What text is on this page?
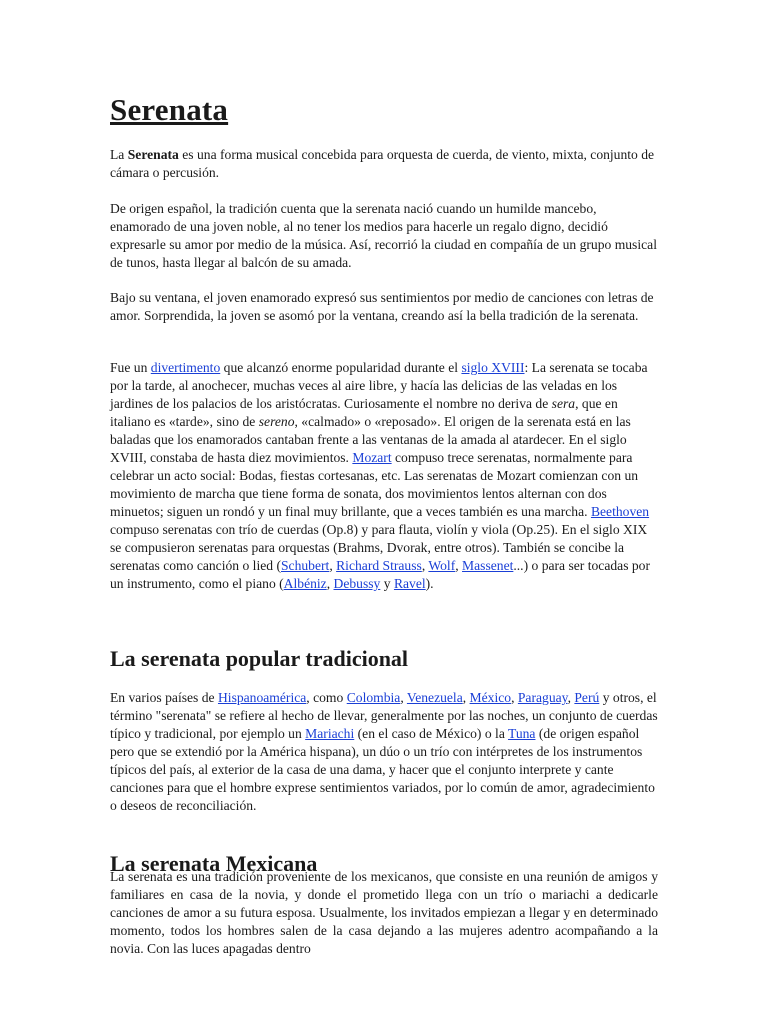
Serenata

La Serenata es una forma musical concebida para orquesta de cuerda, de viento, mixta, conjunto de cámara o percusión.

De origen español, la tradición cuenta que la serenata nació cuando un humilde mancebo, enamorado de una joven noble, al no tener los medios para hacerle un regalo digno, decidió expresarle su amor por medio de la música. Así, recorrió la ciudad en compañía de un grupo musical de tunos, hasta llegar al balcón de su amada.

Bajo su ventana, el joven enamorado expresó sus sentimientos por medio de canciones con letras de amor. Sorprendida, la joven se asomó por la ventana, creando así la bella tradición de la serenata.

Fue un divertimento que alcanzó enorme popularidad durante el siglo XVIII: La serenata se tocaba por la tarde, al anochecer, muchas veces al aire libre, y hacía las delicias de las veladas en los jardines de los palacios de los aristócratas. Curiosamente el nombre no deriva de sera, que en italiano es «tarde», sino de sereno, «calmado» o «reposado». El origen de la serenata está en las baladas que los enamorados cantaban frente a las ventanas de la amada al atardecer. En el siglo XVIII, constaba de hasta diez movimientos. Mozart compuso trece serenatas, normalmente para celebrar un acto social: Bodas, fiestas cortesanas, etc. Las serenatas de Mozart comienzan con un movimiento de marcha que tiene forma de sonata, dos movimientos lentos alternan con dos minuetos; siguen un rondó y un final muy brillante, que a veces también es una marcha. Beethoven compuso serenatas con trío de cuerdas (Op.8) y para flauta, violín y viola (Op.25). En el siglo XIX se compusieron serenatas para orquestas (Brahms, Dvorak, entre otros). También se concibe la serenatas como canción o lied (Schubert, Richard Strauss, Wolf, Massenet...) o para ser tocadas por un instrumento, como el piano (Albéniz, Debussy y Ravel).

La serenata popular tradicional

En varios países de Hispanoamérica, como Colombia, Venezuela, México, Paraguay, Perú y otros, el término "serenata" se refiere al hecho de llevar, generalmente por las noches, un conjunto de cuerdas típico y tradicional, por ejemplo un Mariachi (en el caso de México) o la Tuna (de origen español pero que se extendió por la América hispana), un dúo o un trío con intérpretes de los instrumentos típicos del país, al exterior de la casa de una dama, y hacer que el conjunto interprete y cante canciones para que el hombre exprese sentimientos variados, por lo común de amor, agradecimiento o deseos de reconciliación.

La serenata Mexicana

La serenata es una tradición proveniente de los mexicanos, que consiste en una reunión de amigos y familiares en casa de la novia, y donde el prometido llega con un trío o mariachi a dedicarle canciones de amor a su futura esposa. Usualmente, los invitados empiezan a llegar y en determinado momento, todos los hombres salen de la casa dejando a las mujeres adentro acompañando a la novia. Con las luces apagadas dentro
